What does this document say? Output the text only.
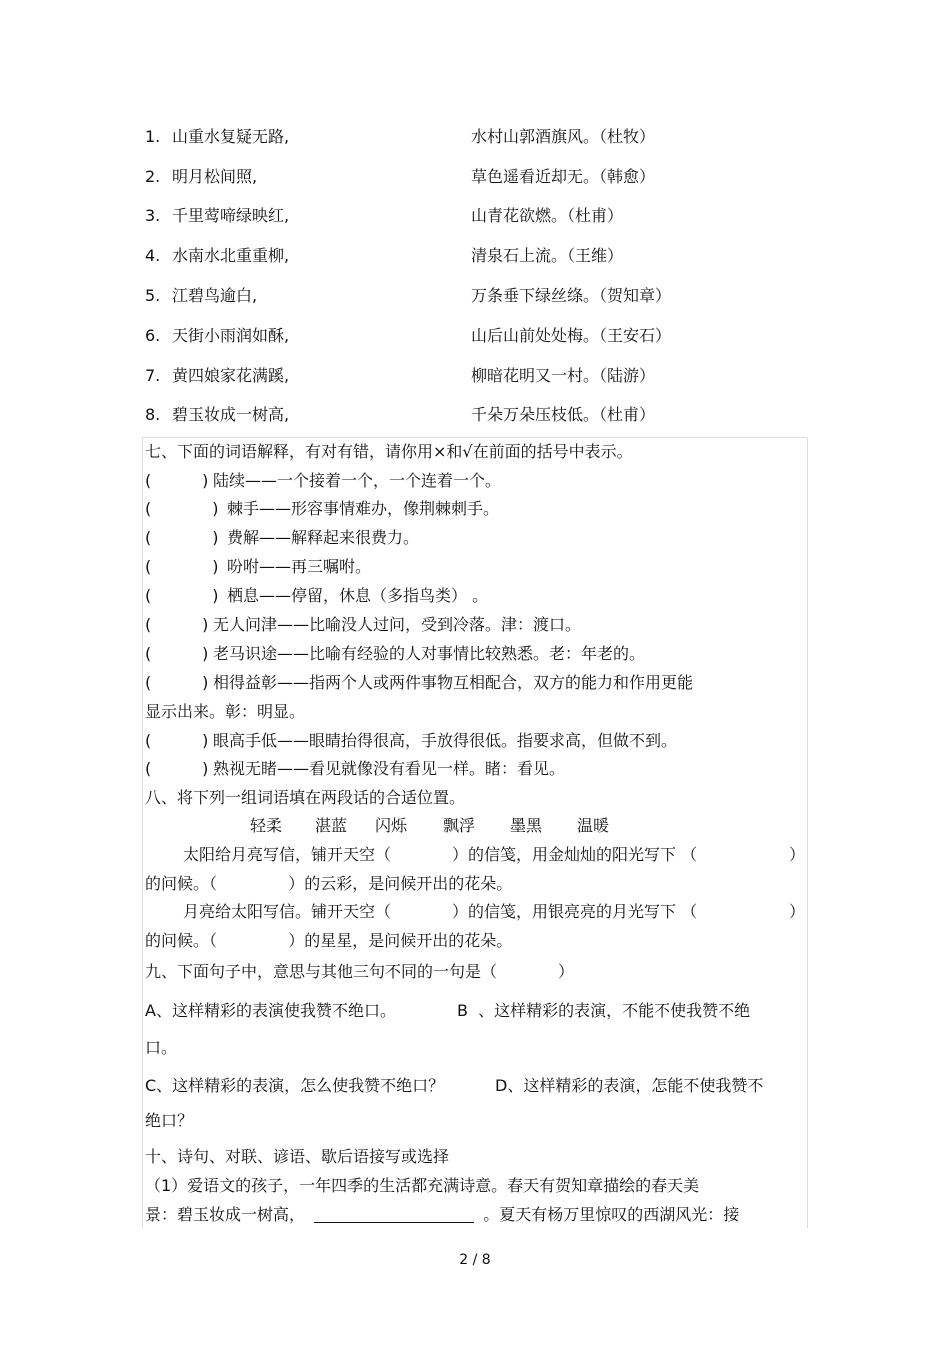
1. 山重水复疑无路,	水村山郭酒旗风。（杜牧）
2. 明月松间照,	草色遥看近却无。（韩愈）
3. 千里莺啼绿映红,	山青花欲燃。（杜甫）
4. 水南水北重重柳,	清泉石上流。（王维）
5. 江碧鸟逾白,	万条垂下绿丝绦。（贺知章）
6. 天街小雨润如酥,	山后山前处处梅。（王安石）
7. 黄四娘家花满蹊,	柳暗花明又一村。（陆游）
8. 碧玉妆成一树高,	千朵万朵压枝低。（杜甫）
七、下面的词语解释，有对有错，请你用×和√在前面的括号中表示。
(          ) 陆续——一个接着一个，一个连着一个。
(            ) 棘手——形容事情难办，像荆棘刺手。
(            ) 费解——解释起来很费力。
(            ) 吩咐——再三嘱咐。
(            ) 栖息——停留，休息（多指鸟类） 。
(          ) 无人问津——比喻没人过问，受到冷落。津：渡口。
(          ) 老马识途——比喻有经验的人对事情比较熟悉。老：年老的。
(          ) 相得益彰——指两个人或两件事物互相配合，双方的能力和作用更能
显示出来。彰：明显。
(          ) 眼高手低——眼睛抬得很高，手放得很低。指要求高，但做不到。
(          ) 熟视无睹——看见就像没有看见一样。睹：看见。
八、将下列一组词语填在两段话的合适位置。
轻柔 湛蓝 闪烁 飘浮 墨黑 温暖
太阳给月亮写信，铺开天空（            ）的信笺，用金灿灿的阳光写下 （	）
的问候。（              ）的云彩，是问候开出的花朵。
月亮给太阳写信。铺开天空（            ）的信笺，用银亮亮的月光写下 （	）
的问候。（              ）的星星，是问候开出的花朵。
九、下面句子中，意思与其他三句不同的一句是（            ）
A、这样精彩的表演使我赞不绝口。	B  、这样精彩的表演，不能不使我赞不绝
口。
C、这样精彩的表演，怎么使我赞不绝口？	D、这样精彩的表演，怎能不使我赞不
绝口？
十、诗句、对联、谚语、歇后语接写或选择
（1）爱语文的孩子，一年四季的生活都充满诗意。春天有贺知章描绘的春天美
景：碧玉妆成一树高，	。夏天有杨万里惊叹的西湖风光：接
2 / 8
